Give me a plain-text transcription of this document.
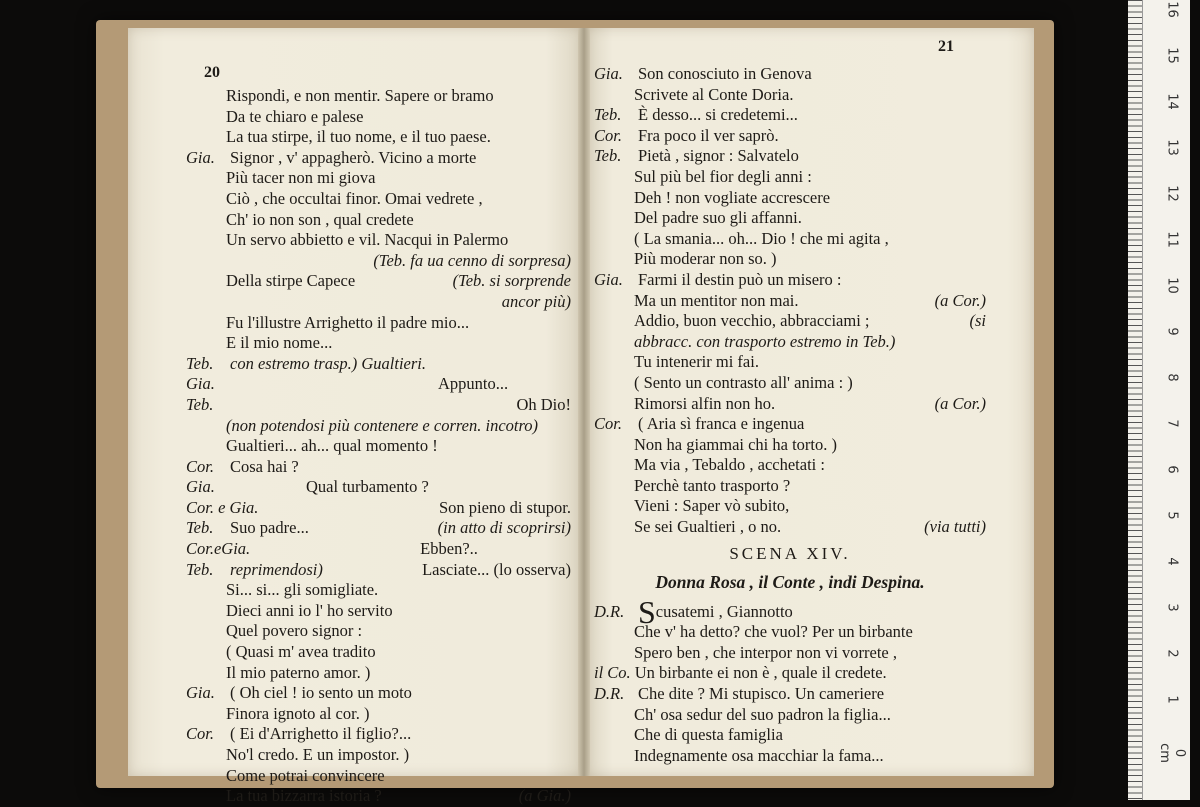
20
21
Rispondi, e non mentir. Sapere or bramo
Da te chiaro e palese
La tua stirpe, il tuo nome, e il tuo paese.
Gia. Signor , v' appagherò. Vicino a morte
Più tacer non mi giova
Ciò , che occultai finor. Omai vedrete ,
Ch' io non son , qual credete
Un servo abbietto e vil. Nacqui in Palermo
(Teb. fa ua cenno di sorpresa)
Della stirpe Capece	(Teb. si sorprende
ancor più)
Fu l'illustre Arrighetto il padre mio...
E il mio nome...
Teb. con estremo trasp.) Gualtieri.
Gia.	Appunto...
Teb.	Oh Dio!
(non potendosi più contenere e corren. incotro)
Gualtieri... ah... qual momento !
Cor. Cosa hai ?
Gia.	Qual turbamento ?
Cor. e Gia.	Son pieno di stupor.
Teb. Suo padre...	(in atto di scoprirsi)
Cor.eGia.	Ebben?..
Teb. reprimendosi)	Lasciate... (lo osserva)
Si... si... gli somigliate.
Dieci anni io l' ho servito
Quel povero signor :
( Quasi m' avea tradito
Il mio paterno amor. )
Gia. ( Oh ciel ! io sento un moto
Finora ignoto al cor. )
Cor. ( Ei d'Arrighetto il figlio?...
No'l credo. E un impostor. )
Come potrai convincere
La tua bizzarra istoria ?	(a Gia.)
Gia. Son conosciuto in Genova
Scrivete al Conte Doria.
Teb. È desso... si credetemi...
Cor. Fra poco il ver saprò.
Teb. Pietà , signor : Salvatelo
Sul più bel fior degli anni :
Deh ! non vogliate accrescere
Del padre suo gli affanni.
( La smania... oh... Dio ! che mi agita ,
Più moderar non so. )
Gia. Farmi il destin può un misero :
Ma un mentitor non mai.	(a Cor.)
Addio, buon vecchio, abbracciami ;	(si
abbracc. con trasporto estremo in Teb.)
Tu intenerir mi fai.
( Sento un contrasto all' anima : )
Rimorsi alfin non ho.	(a Cor.)
Cor. ( Aria sì franca e ingenua
Non ha giammai chi ha torto. )
Ma via , Tebaldo , acchetati :
Perchè tanto trasporto ?
Vieni : Saper vò subito,
Se sei Gualtieri , o no.	(via tutti)
SCENA XIV.
Donna Rosa , il Conte , indi Despina.
D.R. Scusatemi , Giannotto
Che v' ha detto? che vuol? Per un birbante
Spero ben , che interpor non vi vorrete ,
il Co. Un birbante ei non è , quale il credete.
D.R. Che dite ? Mi stupisco. Un cameriere
Ch' osa sedur del suo padron la figlia...
Che di questa famiglia
Indegnamente osa macchiar la fama...
16
15
14
13
12
11
10
9
8
7
6
5
4
3
2
1
0 cm
